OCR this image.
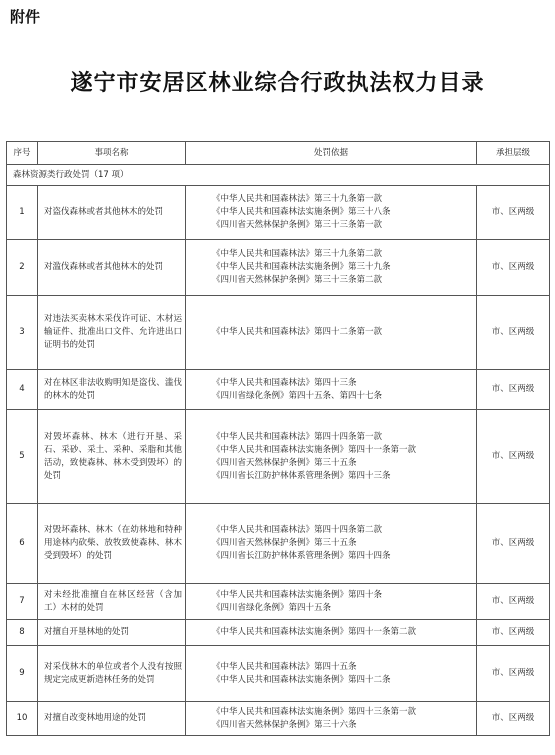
附件
遂宁市安居区林业综合行政执法权力目录
序号	事项名称	处罚依据	承担层级
森林资源类行政处罚（17 项）			
1	对盗伐森林或者其他林木的处罚	《中华人民共和国森林法》第三十九条第一款
《中华人民共和国森林法实施条例》第三十八条
《四川省天然林保护条例》第三十三条第一款	市、区两级
2	对滥伐森林或者其他林木的处罚	《中华人民共和国森林法》第三十九条第二款
《中华人民共和国森林法实施条例》第三十九条
《四川省天然林保护条例》第三十三条第二款	市、区两级
3	对违法买卖林木采伐许可证、木材运输证件、批准出口文件、允许进出口证明书的处罚	《中华人民共和国森林法》第四十二条第一款	市、区两级
4	对在林区非法收购明知是盗伐、滥伐的林木的处罚	《中华人民共和国森林法》第四十三条
《四川省绿化条例》第四十五条、第四十七条	市、区两级
5	对毁坏森林、林木（进行开垦、采石、采砂、采土、采种、采脂和其他活动，致使森林、林木受到毁坏）的处罚	《中华人民共和国森林法》第四十四条第一款
《中华人民共和国森林法实施条例》第四十一条第一款
《四川省天然林保护条例》第三十五条
《四川省长江防护林体系管理条例》第四十三条	市、区两级
6	对毁坏森林、林木（在幼林地和特种用途林内砍柴、放牧致使森林、林木受到毁坏）的处罚	《中华人民共和国森林法》第四十四条第二款
《四川省天然林保护条例》第三十五条
《四川省长江防护林体系管理条例》第四十四条	市、区两级
7	对未经批准擅自在林区经营（含加工）木材的处罚	《中华人民共和国森林法实施条例》第四十条
《四川省绿化条例》第四十五条	市、区两级
8	对擅自开垦林地的处罚	《中华人民共和国森林法实施条例》第四十一条第二款	市、区两级
9	对采伐林木的单位或者个人没有按照规定完成更新造林任务的处罚	《中华人民共和国森林法》第四十五条
《中华人民共和国森林法实施条例》第四十二条	市、区两级
10	对擅自改变林地用途的处罚	《中华人民共和国森林法实施条例》第四十三条第一款
《四川省天然林保护条例》第三十六条	市、区两级
